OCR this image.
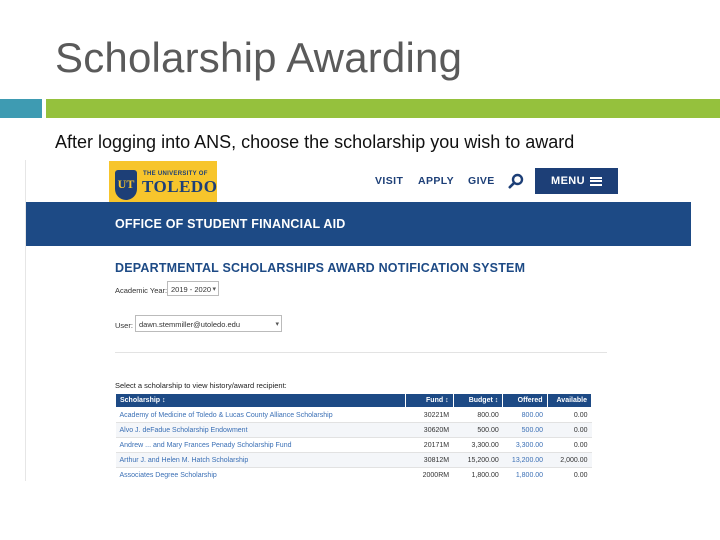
Scholarship Awarding
After logging into ANS, choose the scholarship you wish to award
UT
THE UNIVERSITY OF
TOLEDO	VISIT APPLY GIVE	MENU
OFFICE OF STUDENT FINANCIAL AID
DEPARTMENTAL SCHOLARSHIPS AWARD NOTIFICATION SYSTEM
Academic Year: 2019 - 2020 ▾
User: dawn.stemmiller@utoledo.edu	▾
Select a scholarship to view history/award recipient:
Scholarship ↕	Fund ↕	Budget ↕	Offered	Available
Academy of Medicine of Toledo & Lucas County Alliance Scholarship	30221M	800.00	800.00	0.00
Alvo J. deFadue Scholarship Endowment	30620M	500.00	500.00	0.00
Andrew ... and Mary Frances Penady Scholarship Fund	20171M	3,300.00	3,300.00	0.00
Arthur J. and Helen M. Hatch Scholarship	30812M	15,200.00	13,200.00	2,000.00
Associates Degree Scholarship	2000RM	1,800.00	1,800.00	0.00
